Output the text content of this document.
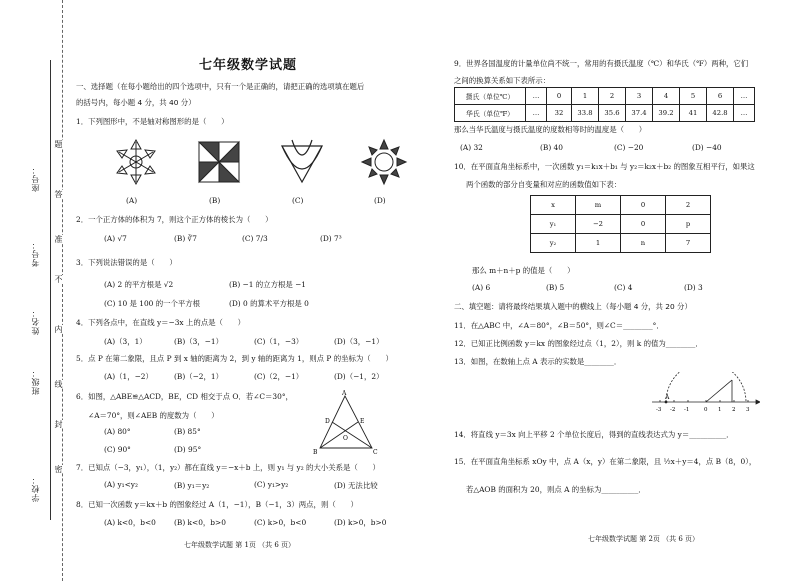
学校：
班级：
姓名：
考号：
座号：
题
答
准
不
内
线
封
密
七年级数学试题
一、选择题（在每小题给出的四个选项中，只有一个是正确的，请把正确的选项填在题后
的括号内，每小题 4 分，共 40 分）
1．下列图形中，不是轴对称图形的是（　　）
(A)	(B)	(C)	(D)
2．一个正方体的体积为 7，则这个正方体的棱长为（　　）
(A) √7	(B) ∛7	(C) 7/3	(D) 7³
3．下列说法错误的是（　　）
(A) 2 的平方根是 √2	(B) −1 的立方根是 −1
(C) 10 是 100 的一个平方根	(D) 0 的算术平方根是 0
4．下列各点中，在直线 y＝−3x 上的点是（　　）
(A)（3，1）	(B)（3，−1）	(C)（1，−3）	(D)（3，−1）
5．点 P 在第二象限，且点 P 到 x 轴的距离为 2，到 y 轴的距离为 1，则点 P 的坐标为（　　）
(A)（1，−2）	(B)（−2，1）	(C)（2，−1）	(D)（−1，2）
6．如图，△ABE≌△ACD，BE，CD 相交于点 O．若∠C＝30°，
∠A＝70°，则∠AEB 的度数为（　　）
(A) 80°	(B) 85°
(C) 90°	(D) 95°
A
D	E
O
B	C
7．已知点（−3，y₁），（1，y₂）都在直线 y＝−x＋b 上，则 y₁ 与 y₂ 的大小关系是（　　）
(A) y₁<y₂	(B) y₁＝y₂	(C) y₁>y₂	(D) 无法比较
8．已知一次函数 y＝kx＋b 的图象经过 A（1，−1），B（−1，3）两点，则（　　）
(A) k<0，b<0 (B) k<0，b>0	(C) k>0，b<0	(D) k>0，b>0
七年级数学试题 第 1页 （共 6 页）
9．世界各国温度的计量单位尚不统一，常用的有摄氏温度（℃）和华氏（℉）两种，它们
之间的换算关系如下表所示：
摄氏（单位℃）	…	0	1	2	3	4	5	6	…
华氏（单位℉）	…	32	33.8	35.6	37.4	39.2	41	42.8	…
那么当华氏温度与摄氏温度的度数相等时的温度是（　　）
(A) 32	(B) 40	(C) −20	(D) −40
10．在平面直角坐标系中，一次函数 y₁＝k₁x＋b₁ 与 y₂＝k₂x＋b₂ 的图象互相平行，如果这
两个函数的部分自变量和对应的函数值如下表：
x	m	0	2
y₁	−2	0	p
y₂	1	n	7
那么 m＋n＋p 的值是（　　）
(A) 6	(B) 5	(C) 4	(D) 3
二、填空题：请将最终结果填入题中的横线上（每小题 4 分，共 20 分）
11．在△ABC 中，∠A＝80°，∠B＝50°，则∠C＝________°．
12．已知正比例函数 y＝kx 的图象经过点（1，2），则 k 的值为________．
13．如图，在数轴上点 A 表示的实数是________．
A
-3 -2 -1	0 1 2 3
14．将直线 y＝3x 向上平移 2 个单位长度后，得到的直线表达式为 y＝__________．
15．在平面直角坐标系 xOy 中，点 A（x，y）在第二象限，且 ½x＋y＝4，点 B（8，0），
若△AOB 的面积为 20，则点 A 的坐标为__________．
七年级数学试题 第 2页 （共 6 页）
